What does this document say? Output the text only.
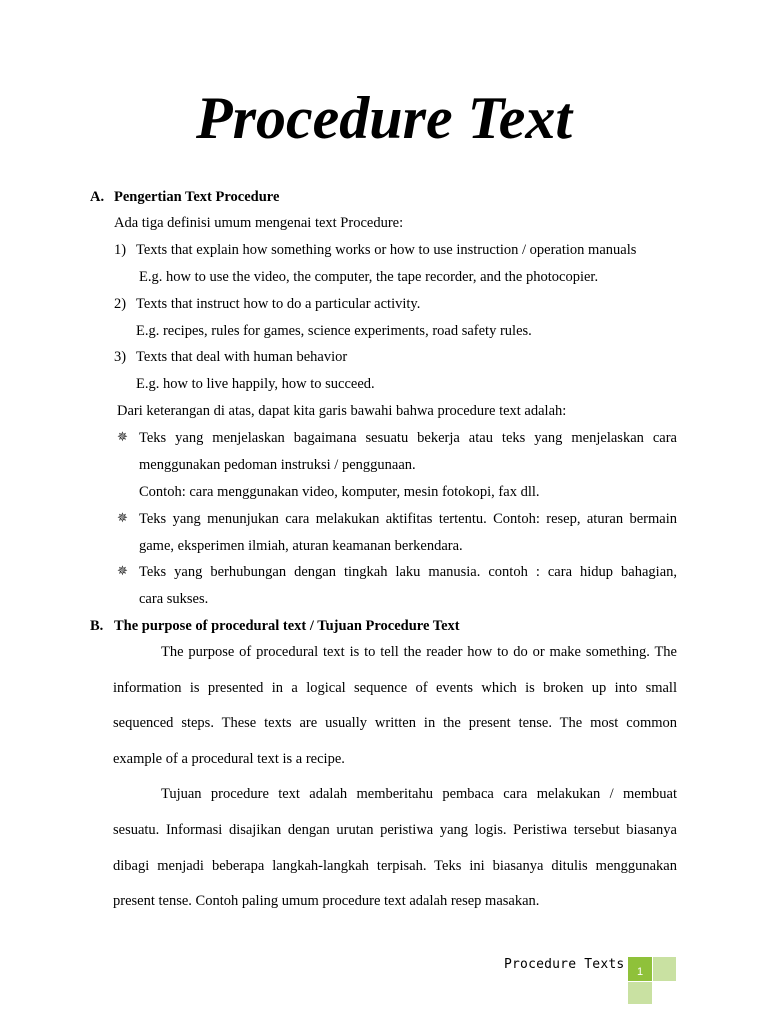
Procedure Text
A. Pengertian Text Procedure
Ada tiga definisi umum mengenai text Procedure:
1) Texts that explain how something works or how to use instruction / operation manuals
E.g. how to use the video, the computer, the tape recorder, and the photocopier.
2) Texts that instruct how to do a particular activity.
E.g. recipes, rules for games, science experiments, road safety rules.
3) Texts that deal with human behavior
E.g. how to live happily, how to succeed.
Dari keterangan di atas, dapat kita garis bawahi bahwa procedure text adalah:
✵ Teks yang menjelaskan bagaimana sesuatu bekerja atau teks yang menjelaskan cara
menggunakan pedoman instruksi / penggunaan.
Contoh: cara menggunakan video, komputer, mesin fotokopi, fax dll.
✵ Teks yang menunjukan cara melakukan aktifitas tertentu. Contoh: resep, aturan bermain
game, eksperimen ilmiah, aturan keamanan berkendara.
✵ Teks yang berhubungan dengan tingkah laku manusia. contoh : cara hidup bahagian,
cara sukses.
B. The purpose of procedural text / Tujuan Procedure Text
The purpose of procedural text is to tell the reader how to do or make something. The
information is presented in a logical sequence of events which is broken up into small
sequenced steps. These texts are usually written in the present tense. The most common
example of a procedural text is a recipe.
Tujuan procedure text adalah memberitahu pembaca cara melakukan / membuat
sesuatu. Informasi disajikan dengan urutan peristiwa yang logis. Peristiwa tersebut biasanya
dibagi menjadi beberapa langkah-langkah terpisah. Teks ini biasanya ditulis menggunakan
present tense. Contoh paling umum procedure text adalah resep masakan.
Procedure Texts	1
